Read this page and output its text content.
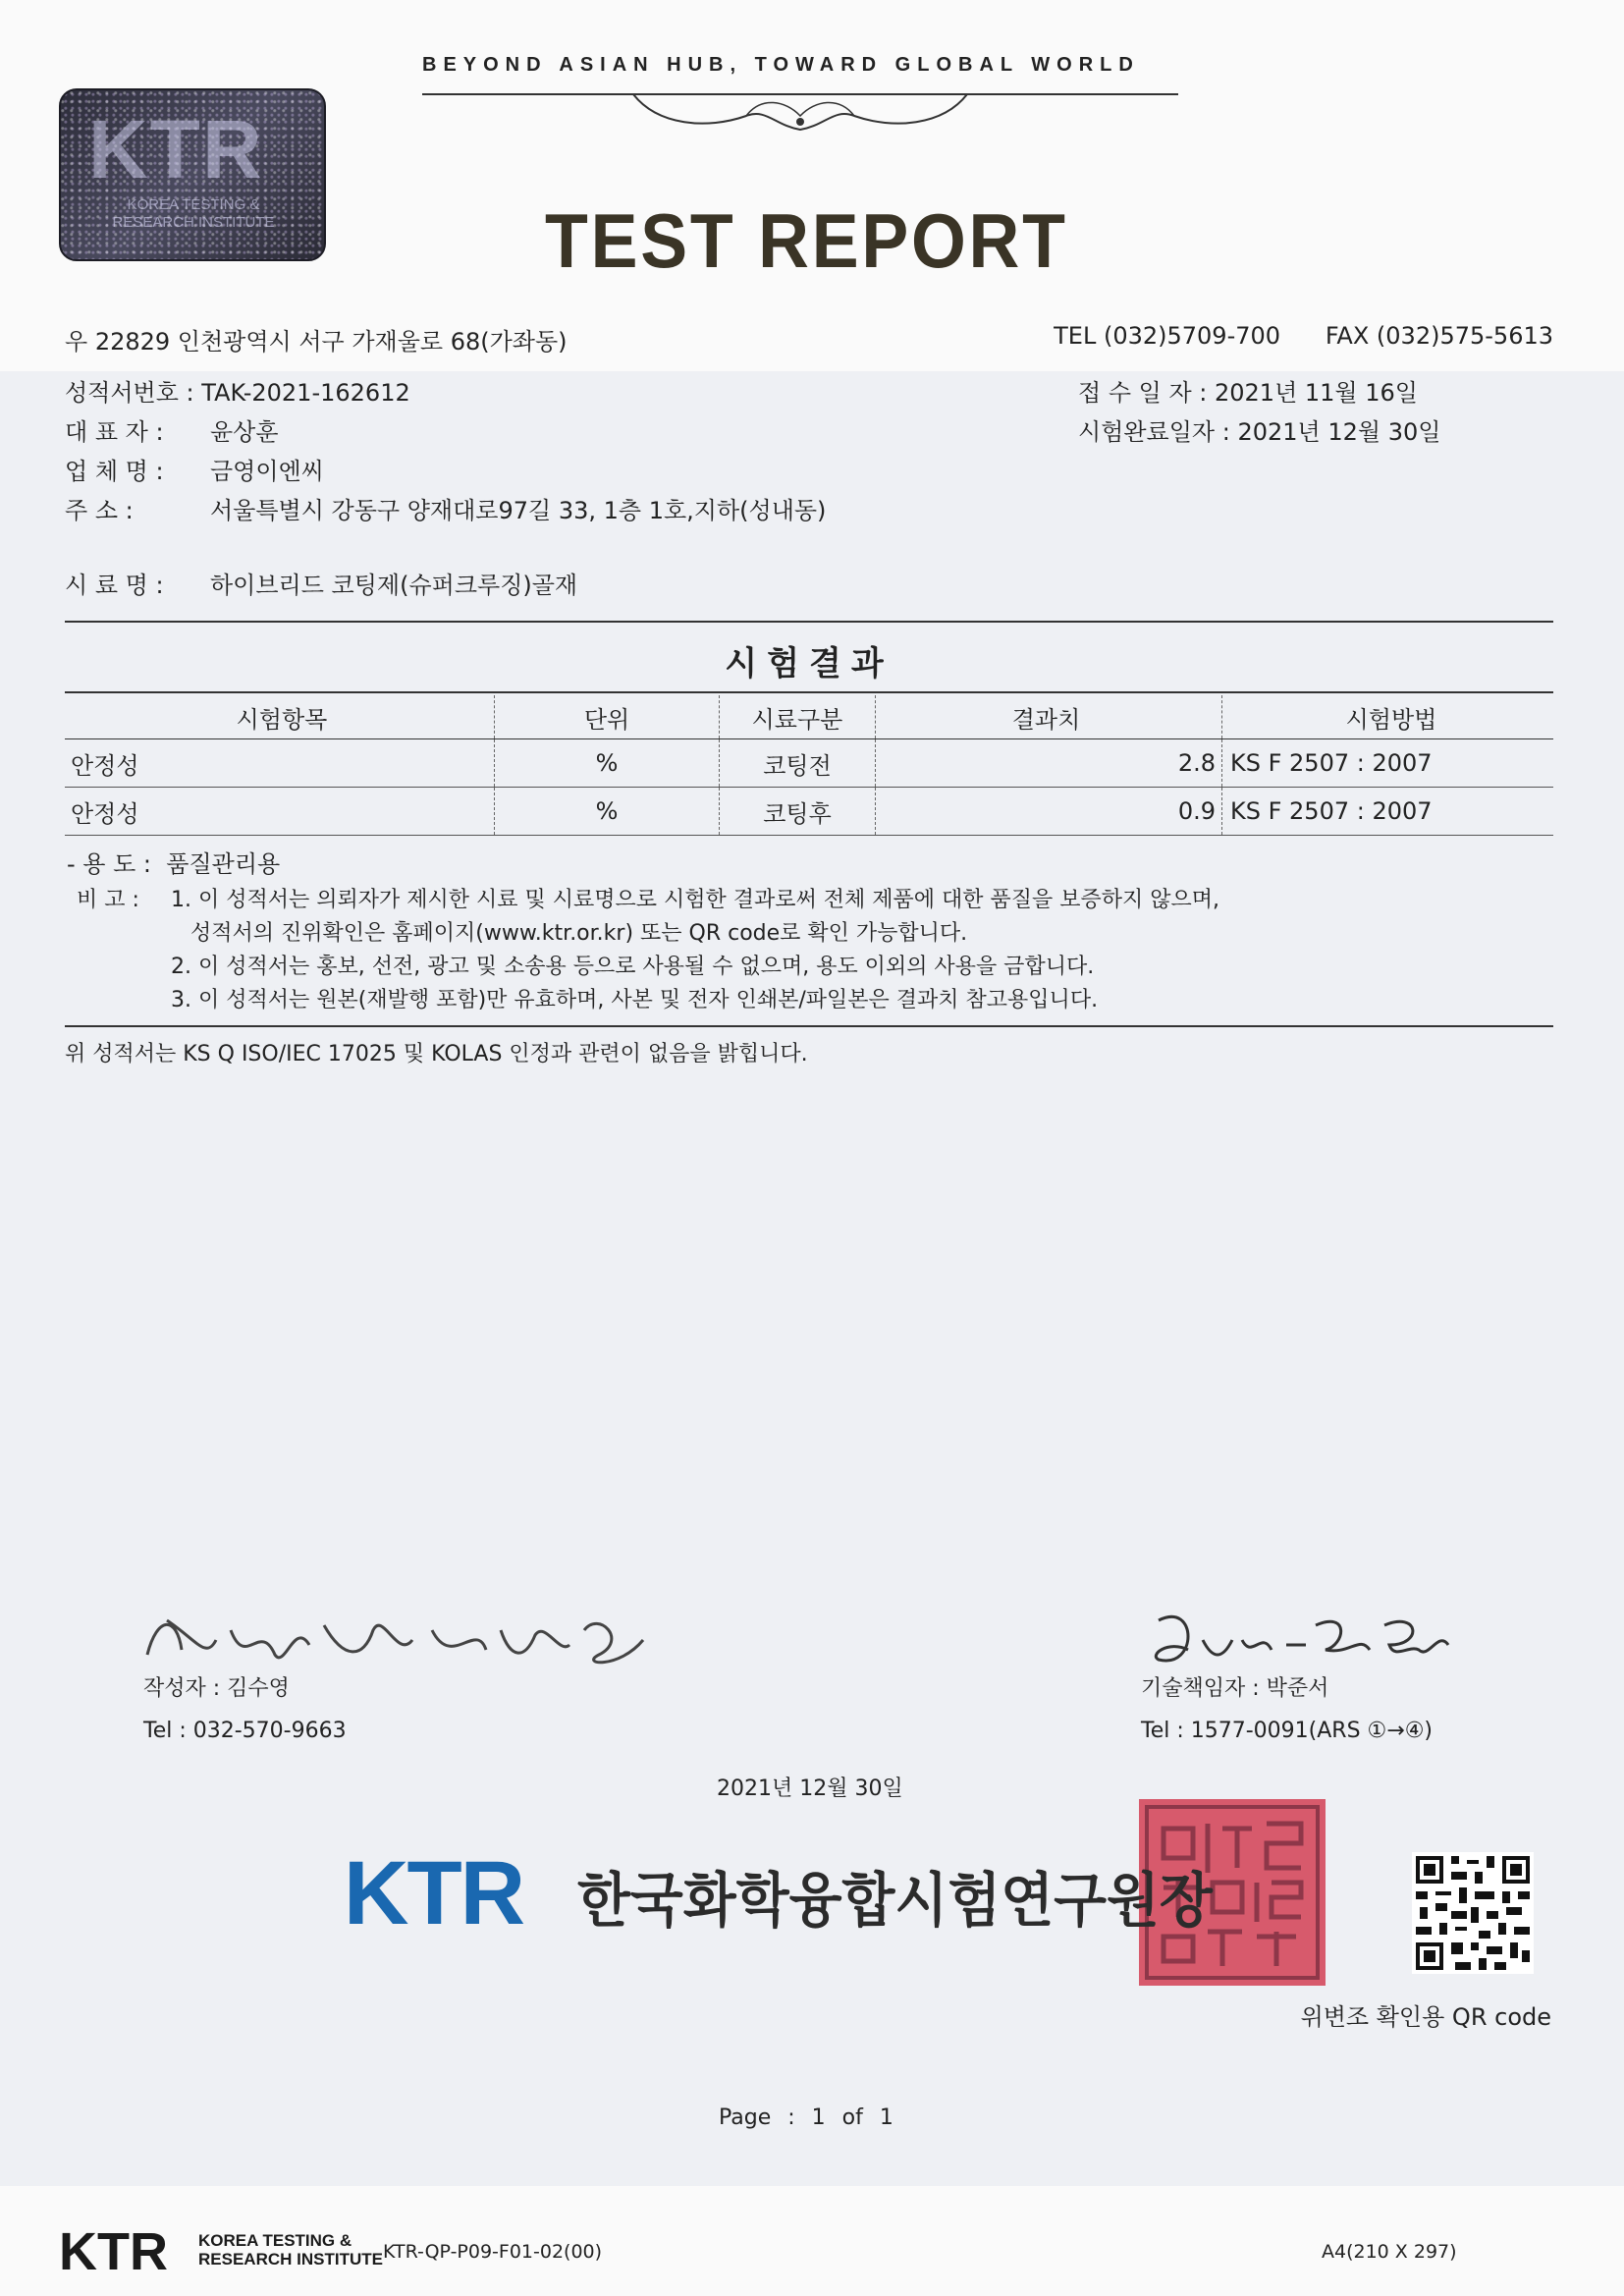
KTR
KOREA TESTING & RESEARCH INSTITUTE
BEYOND ASIAN HUB, TOWARD GLOBAL WORLD
TEST REPORT
우 22829 인천광역시 서구 가재울로 68(가좌동)	TEL (032)5709-700 FAX (032)575-5613
성적서번호 : TAK-2021-162612
대 표 자 : 윤상훈
업 체 명 : 금영이엔씨
주 소 :	서울특별시 강동구 양재대로97길 33, 1층 1호,지하(성내동)
시 료 명 : 하이브리드 코팅제(슈퍼크루징)골재
접 수 일 자 : 2021년 11월 16일
시험완료일자 : 2021년 12월 30일
시험결과
시험항목	단위	시료구분	결과치	시험방법
안정성	%	코팅전	2.8	KS F 2507 : 2007
안정성	%	코팅후	0.9	KS F 2507 : 2007
- 용 도 : 품질관리용
비 고 :	1. 이 성적서는 의뢰자가 제시한 시료 및 시료명으로 시험한 결과로써 전체 제품에 대한 품질을 보증하지 않으며,
성적서의 진위확인은 홈페이지(www.ktr.or.kr) 또는 QR code로 확인 가능합니다.
2. 이 성적서는 홍보, 선전, 광고 및 소송용 등으로 사용될 수 없으며, 용도 이외의 사용을 금합니다.
3. 이 성적서는 원본(재발행 포함)만 유효하며, 사본 및 전자 인쇄본/파일본은 결과치 참고용입니다.
위 성적서는 KS Q ISO/IEC 17025 및 KOLAS 인정과 관련이 없음을 밝힙니다.
작성자 : 김수영
Tel : 032-570-9663
기술책임자 : 박준서
Tel : 1577-0091(ARS ①→④)
2021년 12월 30일
KTR 한국화학융합시험연구원장
위변조 확인용 QR code
Page : 1 of 1
KTR KOREA TESTING &
RESEARCH INSTITUTE KTR-QP-P09-F01-02(00)	A4(210 X 297)
